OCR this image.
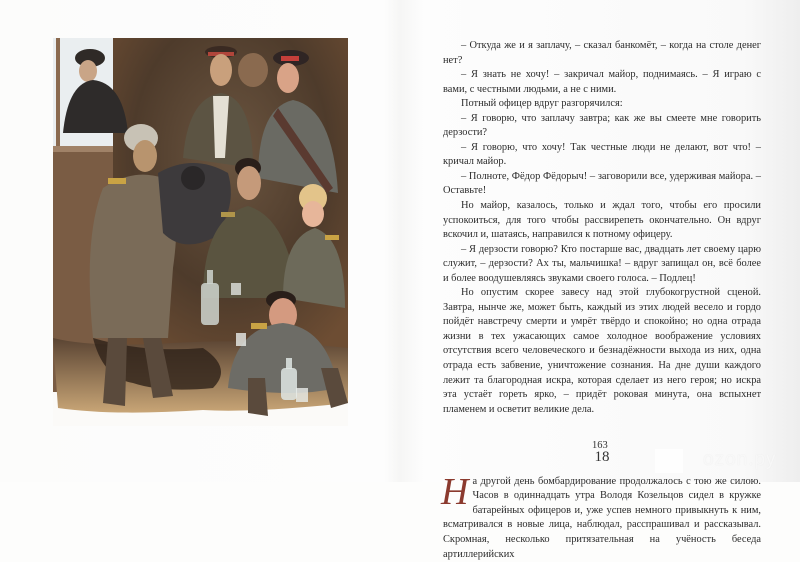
– Откуда же и я заплачу, – сказал банкомёт, – когда на столе денег нет?

– Я знать не хочу! – закричал майор, поднимаясь. – Я играю с вами, с честными людьми, а не с ними.

Потный офицер вдруг разгорячился:

– Я говорю, что заплачу завтра; как же вы смеете мне говорить дерзости?

– Я говорю, что хочу! Так честные люди не делают, вот что! – кричал майор.

– Полноте, Фёдор Фёдорыч! – заговорили все, удерживая майора. – Оставьте!

Но майор, казалось, только и ждал того, чтобы его просили успокоиться, для того чтобы рассвирепеть окончательно. Он вдруг вскочил и, шатаясь, направился к потному офицеру.

– Я дерзости говорю? Кто постарше вас, двадцать лет своему царю служит, – дерзости? Ах ты, мальчишка! – вдруг запищал он, всё более и более воодушевляясь звуками своего голоса. – Подлец!

Но опустим скорее завесу над этой глубокогрустной сценой. Завтра, нынче же, может быть, каждый из этих людей весело и гордо пойдёт навстречу смерти и умрёт твёрдо и спокойно; но одна отрада жизни в тех ужасающих самое холодное воображение условиях отсутствия всего человеческого и безнадёжности выхода из них, одна отрада есть забвение, уничтожение сознания. На дне души каждого лежит та благородная искра, которая сделает из него героя; но искра эта устаёт гореть ярко, – придёт роковая минута, она вспыхнет пламенем и осветит великие дела.

18

На другой день бомбардирование продолжалось с тою же силою. Часов в одиннадцать утра Володя Козельцов сидел в кружке батарейных офицеров и, уже успев немного привыкнуть к ним, всматривался в новые лица, наблюдал, расспрашивал и рассказывал. Скромная, несколько притязательная на учёность беседа артиллерийских

163
ozon.ру
